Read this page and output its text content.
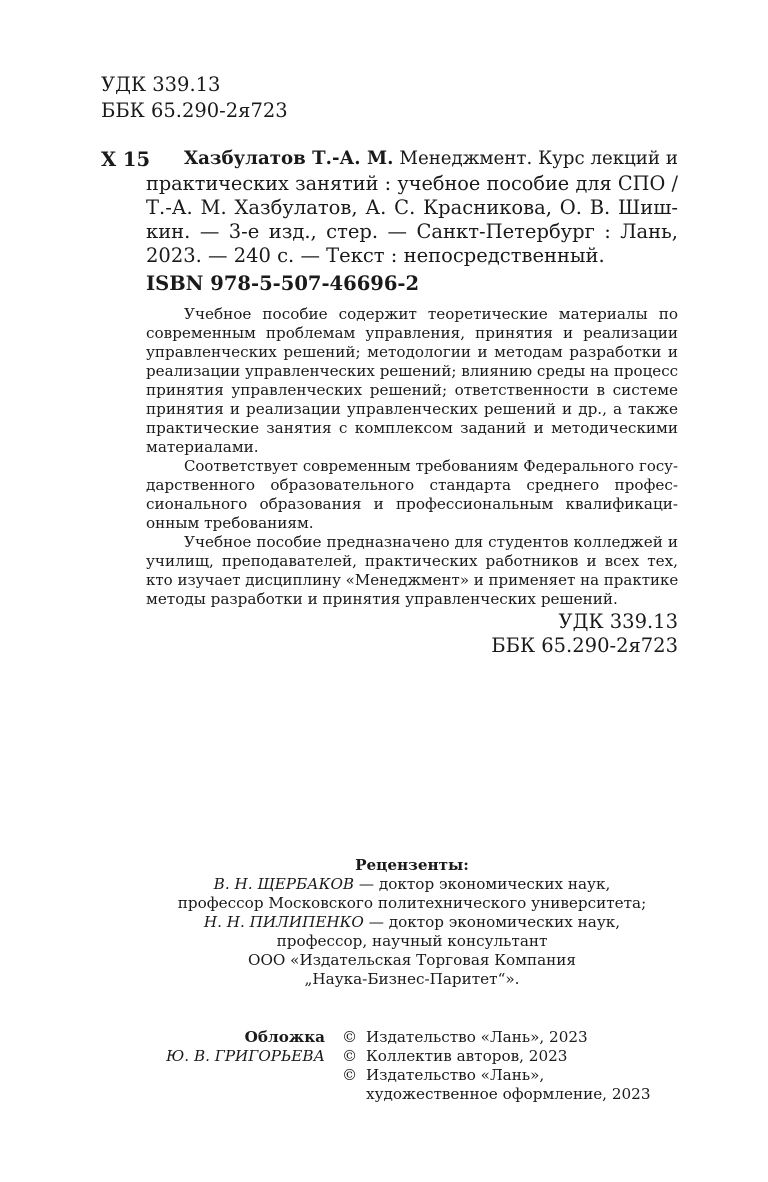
УДК 339.13
ББК 65.290-2я723
Х 15 Хазбулатов Т.-А. М. Менеджмент. Курс лекций и
практических занятий : учебное пособие для СПО /
Т.-А. М. Хазбулатов, А. С. Красникова, О. В. Шиш-
кин. — 3-е изд., стер. — Санкт-Петербург : Лань,
2023. — 240 с. — Текст : непосредственный.
ISBN 978-5-507-46696-2
Учебное пособие содержит теоретические материалы по
современным проблемам управления, принятия и реализации
управленческих решений; методологии и методам разработки и
реализации управленческих решений; влиянию среды на процесс
принятия управленческих решений; ответственности в системе
принятия и реализации управленческих решений и др., а также
практические занятия с комплексом заданий и методическими
материалами.
Соответствует современным требованиям Федерального госу-
дарственного образовательного стандарта среднего профес-
сионального образования и профессиональным квалификаци-
онным требованиям.
Учебное пособие предназначено для студентов колледжей и
училищ, преподавателей, практических работников и всех тех,
кто изучает дисциплину «Менеджмент» и применяет на практике
методы разработки и принятия управленческих решений.
УДК 339.13
ББК 65.290-2я723
Рецензенты:
В. Н. ЩЕРБАКОВ — доктор экономических наук,
профессор Московского политехнического университета;
Н. Н. ПИЛИПЕНКО — доктор экономических наук,
профессор, научный консультант
ООО «Издательская Торговая Компания
„Наука-Бизнес-Паритет“».
Обложка
Ю. В. ГРИГОРЬЕВА
©
©
©
Издательство «Лань», 2023
Коллектив авторов, 2023
Издательство «Лань»,
художественное оформление, 2023
